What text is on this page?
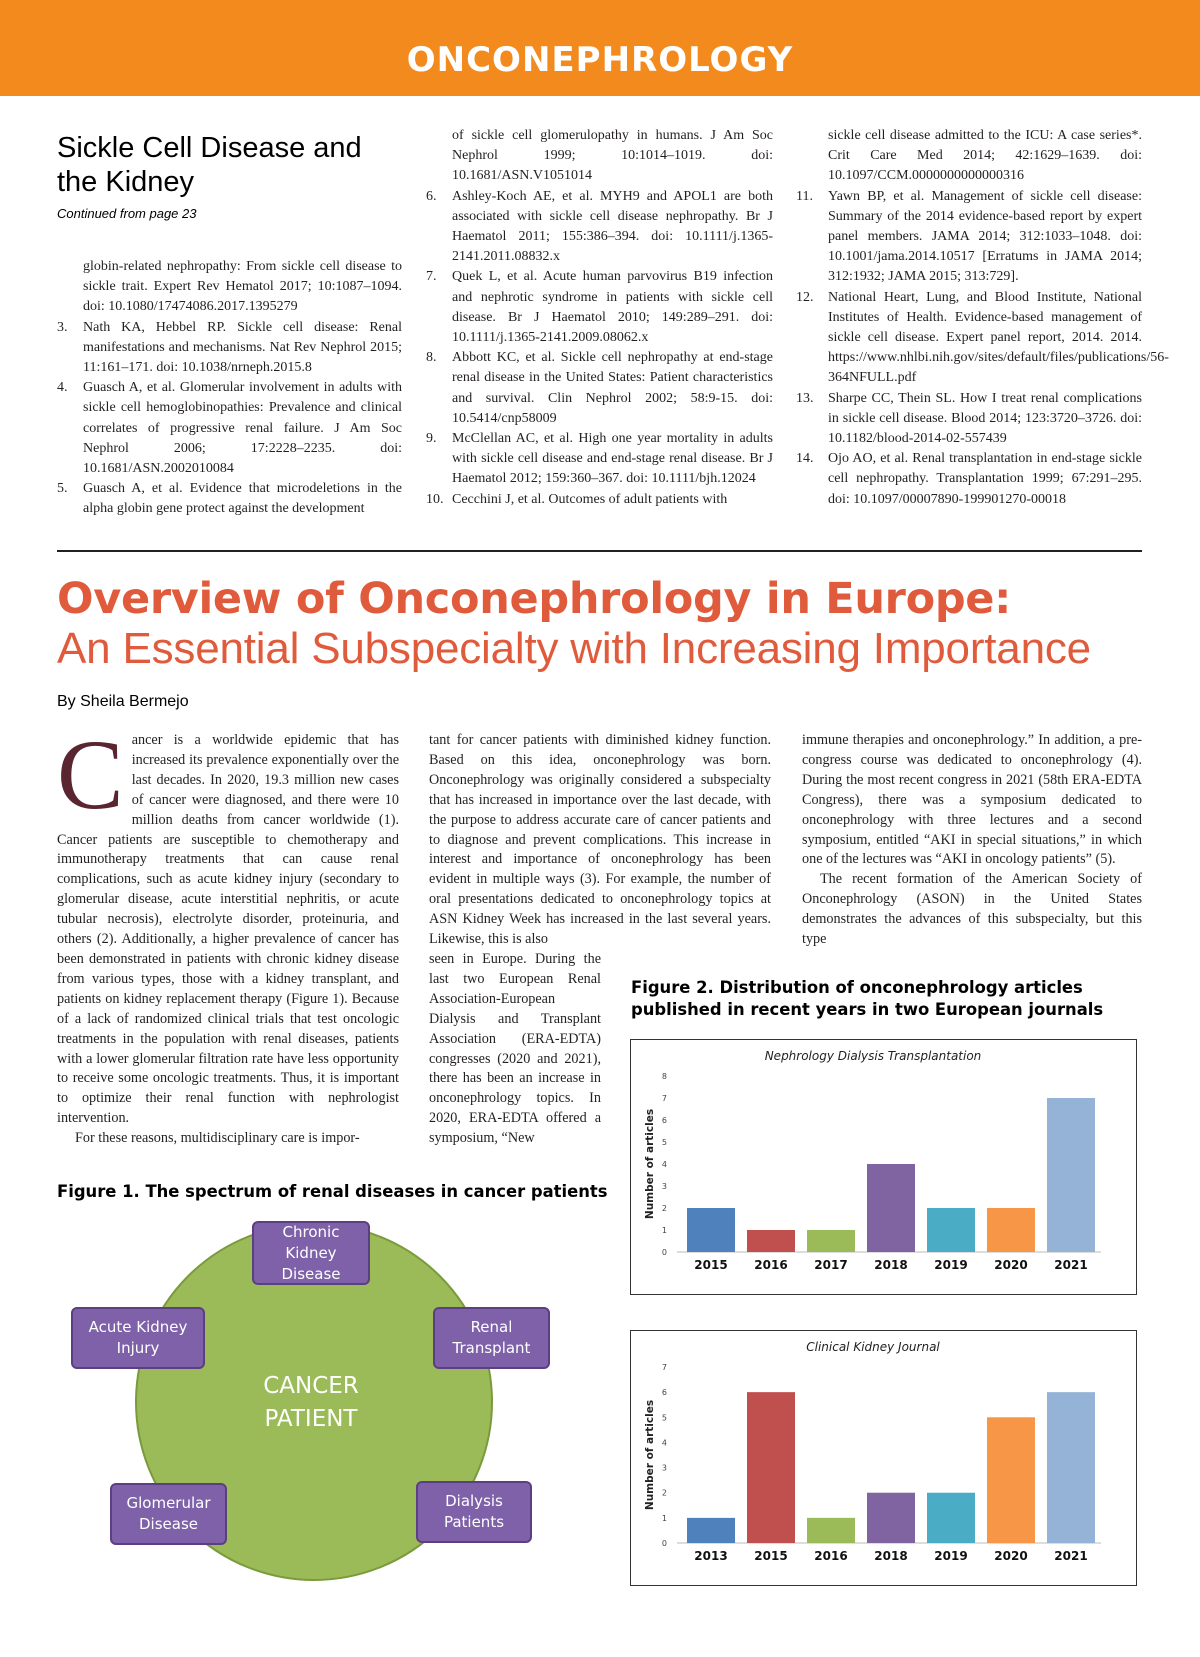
ONCONEPHROLOGY
Sickle Cell Disease and the Kidney
Continued from page 23
globin-related nephropathy: From sickle cell disease to sickle trait. Expert Rev Hematol 2017; 10:1087–1094. doi: 10.1080/17474086.2017.1395279
3. Nath KA, Hebbel RP. Sickle cell disease: Renal manifestations and mechanisms. Nat Rev Nephrol 2015; 11:161–171. doi: 10.1038/nrneph.2015.8
4. Guasch A, et al. Glomerular involvement in adults with sickle cell hemoglobinopathies: Prevalence and clinical correlates of progressive renal failure. J Am Soc Nephrol 2006; 17:2228–2235. doi: 10.1681/ASN.2002010084
5. Guasch A, et al. Evidence that microdeletions in the alpha globin gene protect against the development
of sickle cell glomerulopathy in humans. J Am Soc Nephrol 1999; 10:1014–1019. doi: 10.1681/ASN.V1051014
6. Ashley-Koch AE, et al. MYH9 and APOL1 are both associated with sickle cell disease nephropathy. Br J Haematol 2011; 155:386–394. doi: 10.1111/j.1365-2141.2011.08832.x
7. Quek L, et al. Acute human parvovirus B19 infection and nephrotic syndrome in patients with sickle cell disease. Br J Haematol 2010; 149:289–291. doi: 10.1111/j.1365-2141.2009.08062.x
8. Abbott KC, et al. Sickle cell nephropathy at end-stage renal disease in the United States: Patient characteristics and survival. Clin Nephrol 2002; 58:9-15. doi: 10.5414/cnp58009
9. McClellan AC, et al. High one year mortality in adults with sickle cell disease and end-stage renal disease. Br J Haematol 2012; 159:360–367. doi: 10.1111/bjh.12024
10. Cecchini J, et al. Outcomes of adult patients with
sickle cell disease admitted to the ICU: A case series*. Crit Care Med 2014; 42:1629–1639. doi: 10.1097/CCM.0000000000000316
11. Yawn BP, et al. Management of sickle cell disease: Summary of the 2014 evidence-based report by expert panel members. JAMA 2014; 312:1033–1048. doi: 10.1001/jama.2014.10517 [Erratums in JAMA 2014; 312:1932; JAMA 2015; 313:729].
12. National Heart, Lung, and Blood Institute, National Institutes of Health. Evidence-based management of sickle cell disease. Expert panel report, 2014. 2014. https://www.nhlbi.nih.gov/sites/default/files/publications/56-364NFULL.pdf
13. Sharpe CC, Thein SL. How I treat renal complications in sickle cell disease. Blood 2014; 123:3720–3726. doi: 10.1182/blood-2014-02-557439
14. Ojo AO, et al. Renal transplantation in end-stage sickle cell nephropathy. Transplantation 1999; 67:291–295. doi: 10.1097/00007890-199901270-00018
Overview of Onconephrology in Europe:
An Essential Subspecialty with Increasing Importance
By Sheila Bermejo

Cancer is a worldwide epidemic that has increased its prevalence exponentially over the last decades. In 2020, 19.3 million new cases of cancer were diagnosed, and there were 10 million deaths from cancer worldwide (1). Cancer patients are susceptible to chemotherapy and immunotherapy treatments that can cause renal complications, such as acute kidney injury (secondary to glomerular disease, acute interstitial nephritis, or acute tubular necrosis), electrolyte disorder, proteinuria, and others (2). Additionally, a higher prevalence of cancer has been demonstrated in patients with chronic kidney disease from various types, those with a kidney transplant, and patients on kidney replacement therapy (Figure 1). Because of a lack of randomized clinical trials that test oncologic treatments in the population with renal diseases, patients with a lower glomerular filtration rate have less opportunity to receive some oncologic treatments. Thus, it is important to optimize their renal function with nephrologist intervention.

For these reasons, multidisciplinary care is impor-

tant for cancer patients with diminished kidney function. Based on this idea, onconephrology was born. Onconephrology was originally considered a subspecialty that has increased in importance over the last decade, with the purpose to address accurate care of cancer patients and to diagnose and prevent complications. This increase in interest and importance of onconephrology has been evident in multiple ways (3). For example, the number of oral presentations dedicated to onconephrology topics at ASN Kidney Week has increased in the last several years. Likewise, this is also

seen in Europe. During the last two European Renal Association-European Dialysis and Transplant Association (ERA-EDTA) congresses (2020 and 2021), there has been an increase in onconephrology topics. In 2020, ERA-EDTA offered a symposium, “New

immune therapies and onconephrology.” In addition, a pre-congress course was dedicated to onconephrology (4). During the most recent congress in 2021 (58th ERA-EDTA Congress), there was a symposium dedicated to onconephrology with three lectures and a second symposium, entitled “AKI in special situations,” in which one of the lectures was “AKI in oncology patients” (5).

The recent formation of the American Society of Onconephrology (ASON) in the United States demonstrates the advances of this subspecialty, but this type

Figure 1. The spectrum of renal diseases in cancer patients
CANCER
PATIENT
Chronic
Kidney
Disease
Acute Kidney
Injury
Renal
Transplant
Glomerular
Disease
Dialysis
Patients
Figure 2. Distribution of onconephrology articles
published in recent years in two European journals
Nephrology Dialysis Transplantation
Number of articles
0
1
2
3
4
5
6
7
8
2015 2016 2017 2018 2019 2020 2021
Clinical Kidney Journal
Number of articles
0
1
2
3
4
5
6
7
2013 2015 2016 2018 2019 2020 2021
